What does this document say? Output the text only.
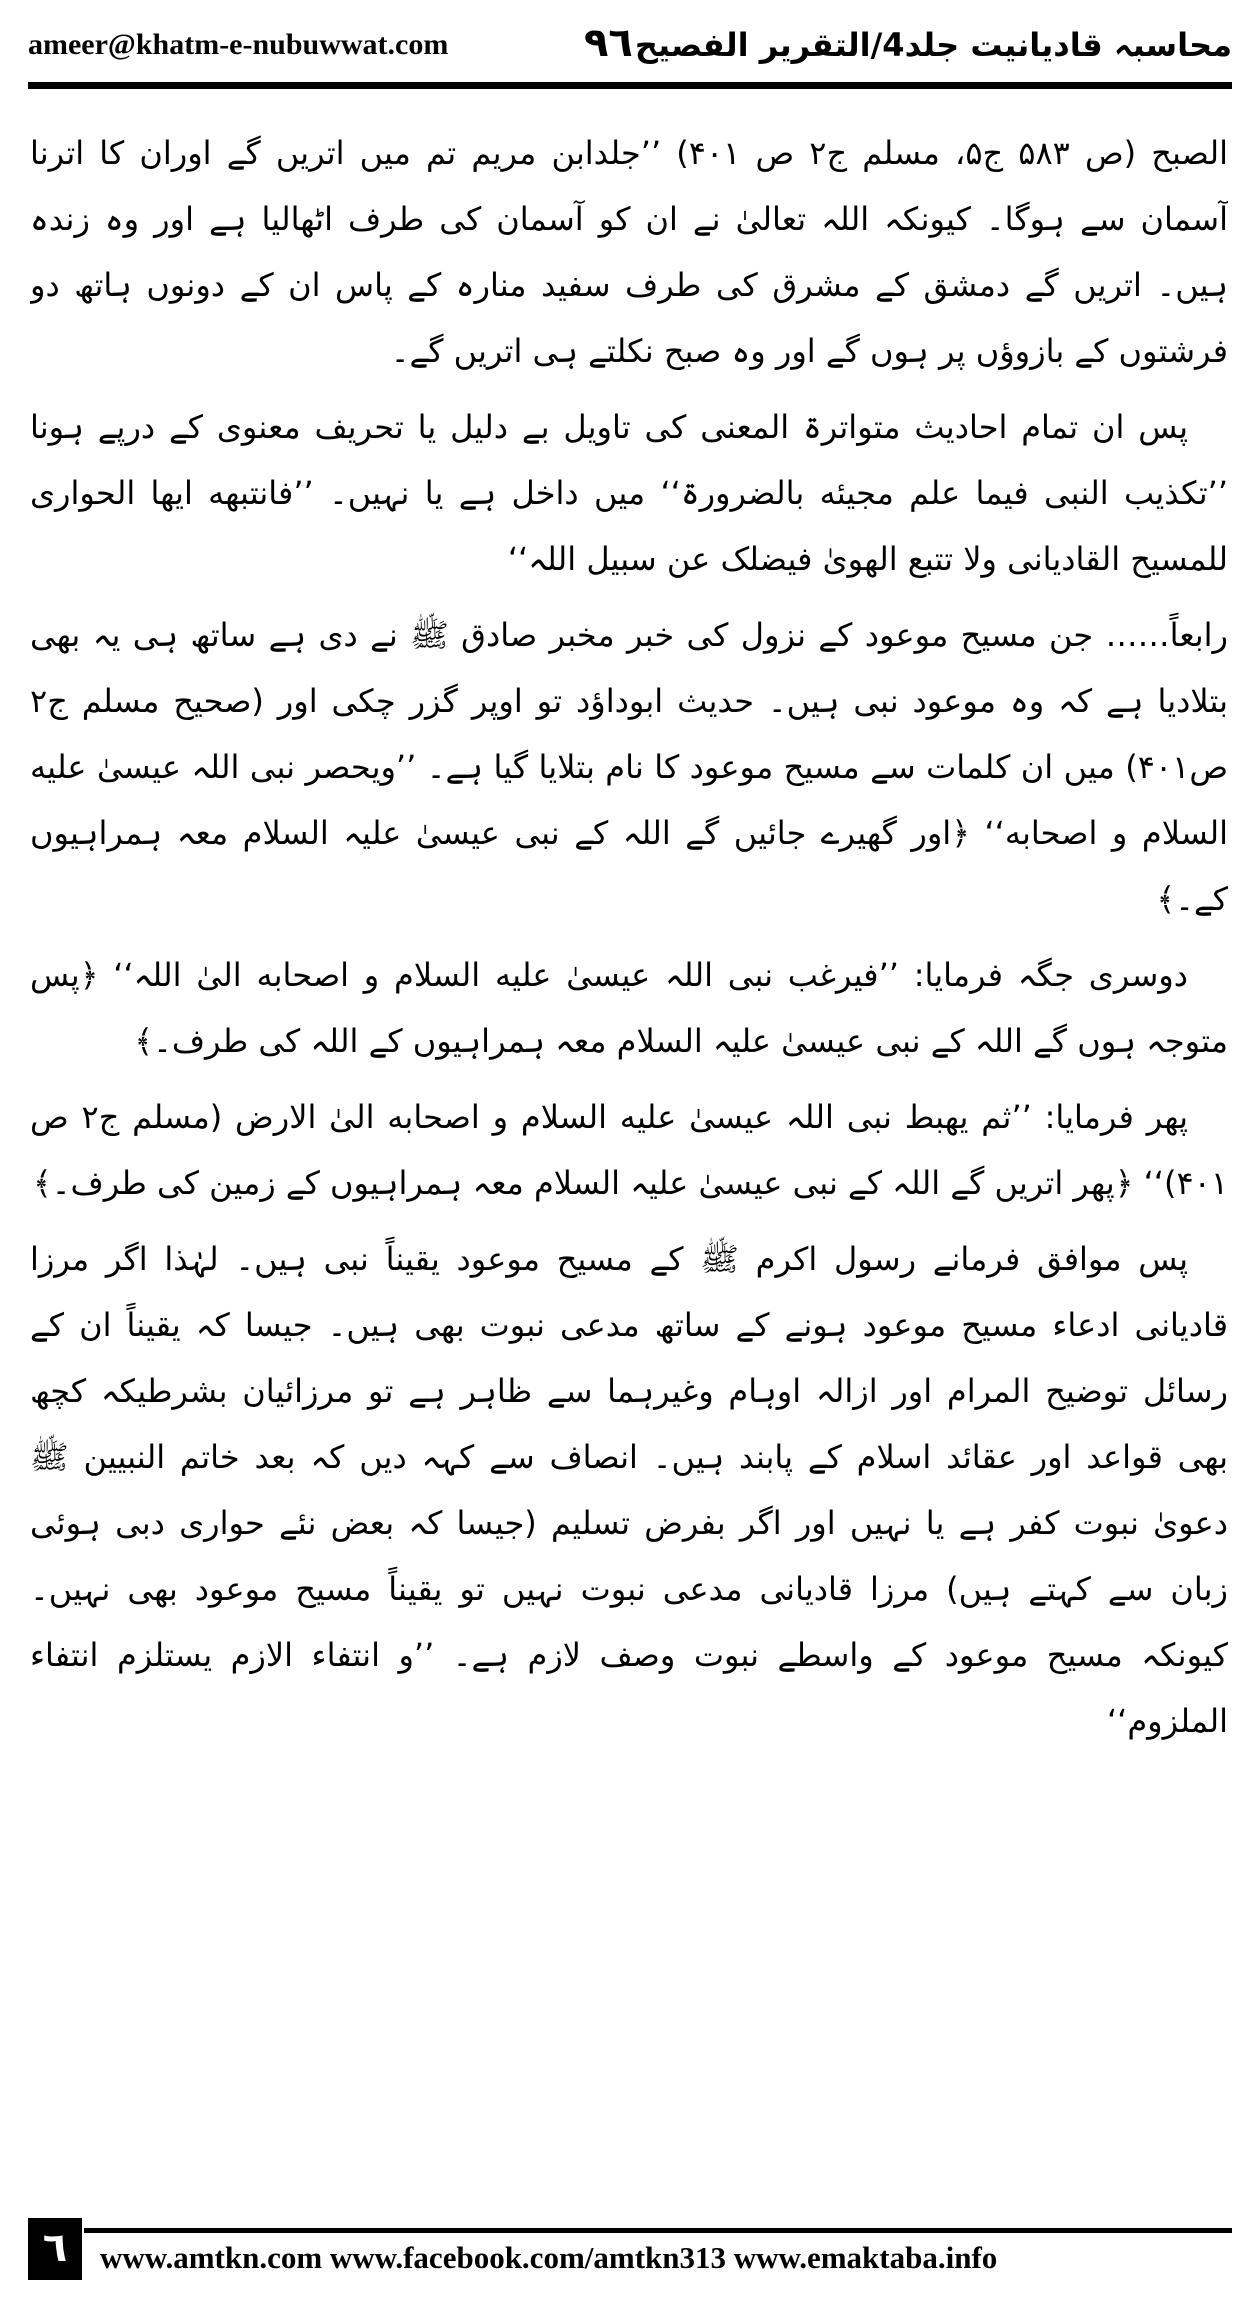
ameer@khatm-e-nubuwwat.com	۹٦ محاسبہ قادیانیت جلد4/التقریر الفصیح

الصبح (ص ۵۸۳ ج۵، مسلم ج۲ ص ۴۰۱) ’’جلدابن مریم تم میں اتریں گے اوران کا اترنا آسمان سے ہوگا۔ کیونکہ اللہ تعالیٰ نے ان کو آسمان کی طرف اٹھالیا ہے اور وہ زندہ ہیں۔ اتریں گے دمشق کے مشرق کی طرف سفید منارہ کے پاس ان کے دونوں ہاتھ دو فرشتوں کے بازوؤں پر ہوں گے اور وہ صبح نکلتے ہی اتریں گے۔

پس ان تمام احادیث متواترۃ المعنی کی تاویل بے دلیل یا تحریف معنوی کے درپے ہونا ’’تکذیب النبی فیما علم مجیئه بالضرورۃ‘‘ میں داخل ہے یا نہیں۔ ’’فانتبهه ایها الحواری للمسیح القادیانی ولا تتبع الهویٰ فیضلک عن سبیل اللہ‘‘

رابعاً…… جن مسیح موعود کے نزول کی خبر مخبر صادق ﷺ نے دی ہے ساتھ ہی یہ بھی بتلادیا ہے کہ وہ موعود نبی ہیں۔ حدیث ابوداؤد تو اوپر گزر چکی اور (صحیح مسلم ج۲ ص۴۰۱) میں ان کلمات سے مسیح موعود کا نام بتلایا گیا ہے۔ ’’ویحصر نبی اللہ عیسیٰ علیه السلام و اصحابه‘‘ ﴿اور گھیرے جائیں گے اللہ کے نبی عیسیٰ علیہ السلام معہ ہمراہیوں کے۔﴾

دوسری جگہ فرمایا: ’’فیرغب نبی اللہ عیسیٰ علیه السلام و اصحابه الیٰ اللہ‘‘ ﴿پس متوجہ ہوں گے اللہ کے نبی عیسیٰ علیہ السلام معہ ہمراہیوں کے اللہ کی طرف۔﴾

پھر فرمایا: ’’ثم یهبط نبی اللہ عیسیٰ علیه السلام و اصحابه الیٰ الارض (مسلم ج۲ ص ۴۰۱)‘‘ ﴿پھر اتریں گے اللہ کے نبی عیسیٰ علیہ السلام معہ ہمراہیوں کے زمین کی طرف۔﴾

پس موافق فرمانے رسول اکرم ﷺ کے مسیح موعود یقیناً نبی ہیں۔ لہٰذا اگر مرزا قادیانی ادعاء مسیح موعود ہونے کے ساتھ مدعی نبوت بھی ہیں۔ جیسا کہ یقیناً ان کے رسائل توضیح المرام اور ازالہ اوہام وغیرہما سے ظاہر ہے تو مرزائیان بشرطیکہ کچھ بھی قواعد اور عقائد اسلام کے پابند ہیں۔ انصاف سے کہہ دیں کہ بعد خاتم النبیین ﷺ دعویٰ نبوت کفر ہے یا نہیں اور اگر بفرض تسلیم (جیسا کہ بعض نئے حواری دبی ہوئی زبان سے کہتے ہیں) مرزا قادیانی مدعی نبوت نہیں تو یقیناً مسیح موعود بھی نہیں۔ کیونکہ مسیح موعود کے واسطے نبوت وصف لازم ہے۔ ’’و انتفاء الازم یستلزم انتفاء الملزوم‘‘

٦	www.amtkn.com www.facebook.com/amtkn313 www.emaktaba.info
